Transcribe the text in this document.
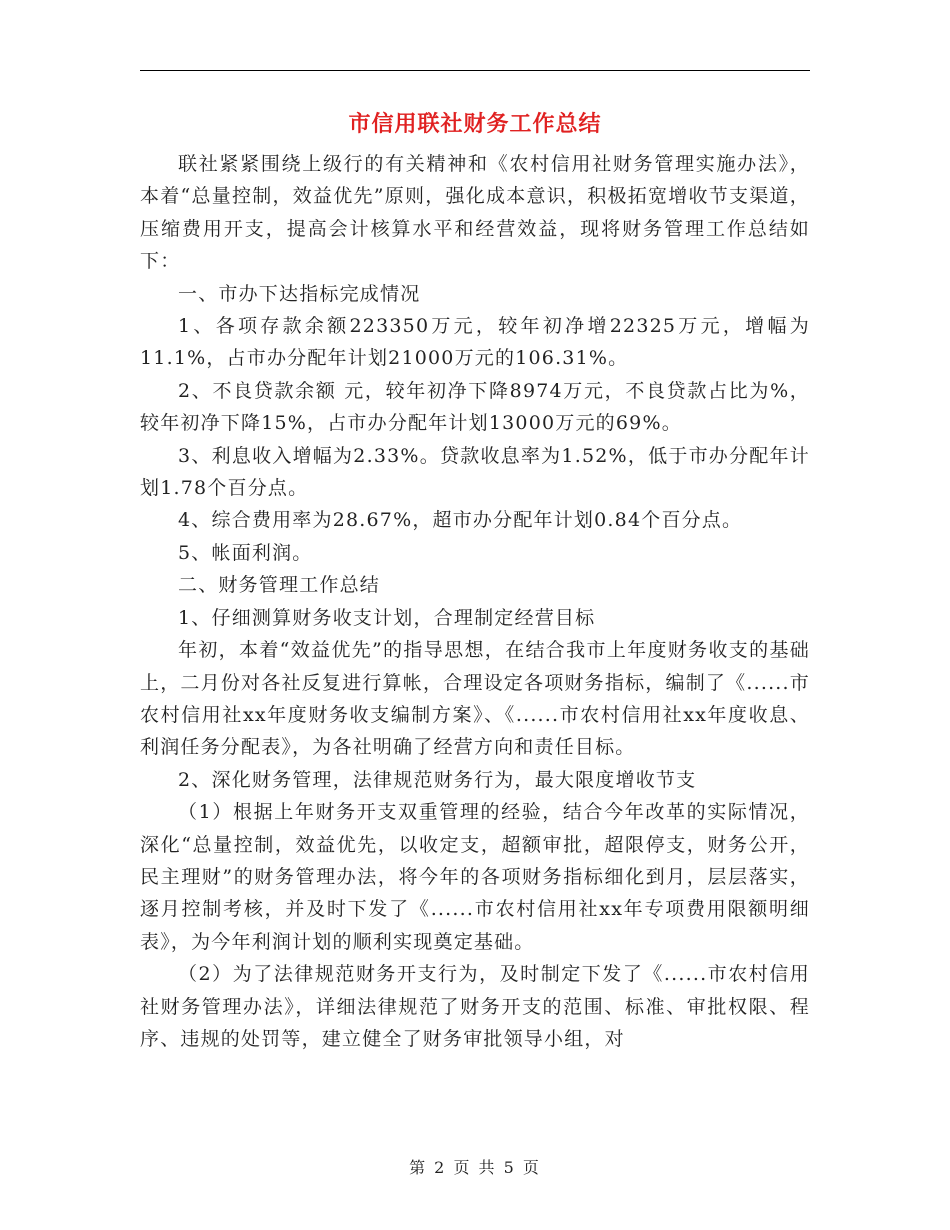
市信用联社财务工作总结

联社紧紧围绕上级行的有关精神和《农村信用社财务管理实施办法》，本着“总量控制，效益优先”原则，强化成本意识，积极拓宽增收节支渠道，压缩费用开支，提高会计核算水平和经营效益，现将财务管理工作总结如下：

一、市办下达指标完成情况

1、各项存款余额223350万元，较年初净增22325万元，增幅为11.1%，占市办分配年计划21000万元的106.31%。

2、不良贷款余额 元，较年初净下降8974万元，不良贷款占比为%，较年初净下降15%，占市办分配年计划13000万元的69%。

3、利息收入增幅为2.33%。贷款收息率为1.52%，低于市办分配年计划1.78个百分点。

4、综合费用率为28.67%，超市办分配年计划0.84个百分点。

5、帐面利润。

二、财务管理工作总结

1、仔细测算财务收支计划，合理制定经营目标

年初，本着“效益优先”的指导思想，在结合我市上年度财务收支的基础上，二月份对各社反复进行算帐，合理设定各项财务指标，编制了《......市农村信用社xx年度财务收支编制方案》、《......市农村信用社xx年度收息、利润任务分配表》，为各社明确了经营方向和责任目标。

2、深化财务管理，法律规范财务行为，最大限度增收节支

（1）根据上年财务开支双重管理的经验，结合今年改革的实际情况，深化“总量控制，效益优先，以收定支，超额审批，超限停支，财务公开，民主理财”的财务管理办法，将今年的各项财务指标细化到月，层层落实，逐月控制考核，并及时下发了《......市农村信用社xx年专项费用限额明细表》，为今年利润计划的顺利实现奠定基础。

（2）为了法律规范财务开支行为，及时制定下发了《......市农村信用社财务管理办法》，详细法律规范了财务开支的范围、标准、审批权限、程序、违规的处罚等，建立健全了财务审批领导小组，对

第 2 页 共 5 页
